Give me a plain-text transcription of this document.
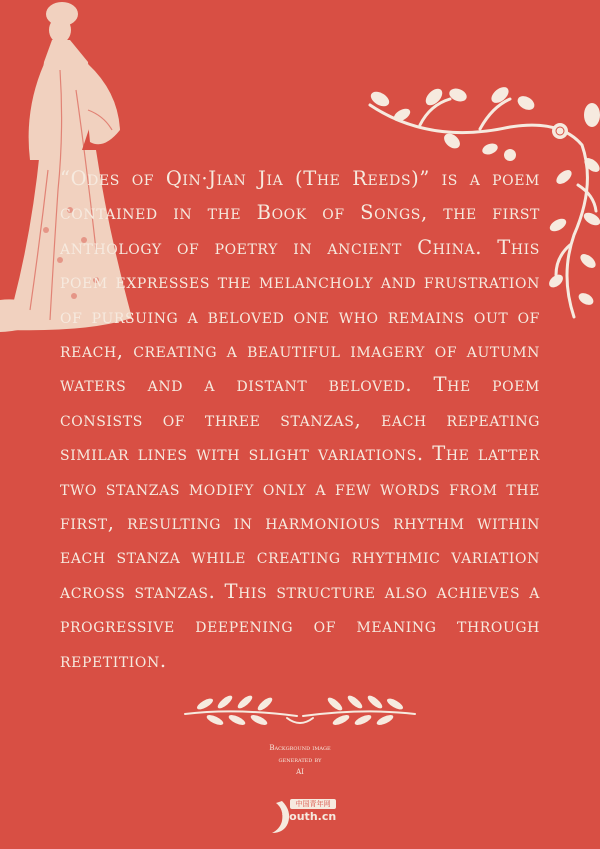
“Odes of Qin·Jian Jia (The Reeds)” is a poem contained in the Book of Songs, the first anthology of poetry in ancient China. This poem expresses the melancholy and frustration of pursuing a beloved one who remains out of reach, creating a beautiful imagery of autumn waters and a distant beloved. The poem consists of three stanzas, each repeating similar lines with slight variations. The latter two stanzas modify only a few words from the first, resulting in harmonious rhythm within each stanza while creating rhythmic variation across stanzas. This structure also achieves a progressive deepening of meaning through repetition.

Background image
generated by
AI
中国青年网
youth.cn
